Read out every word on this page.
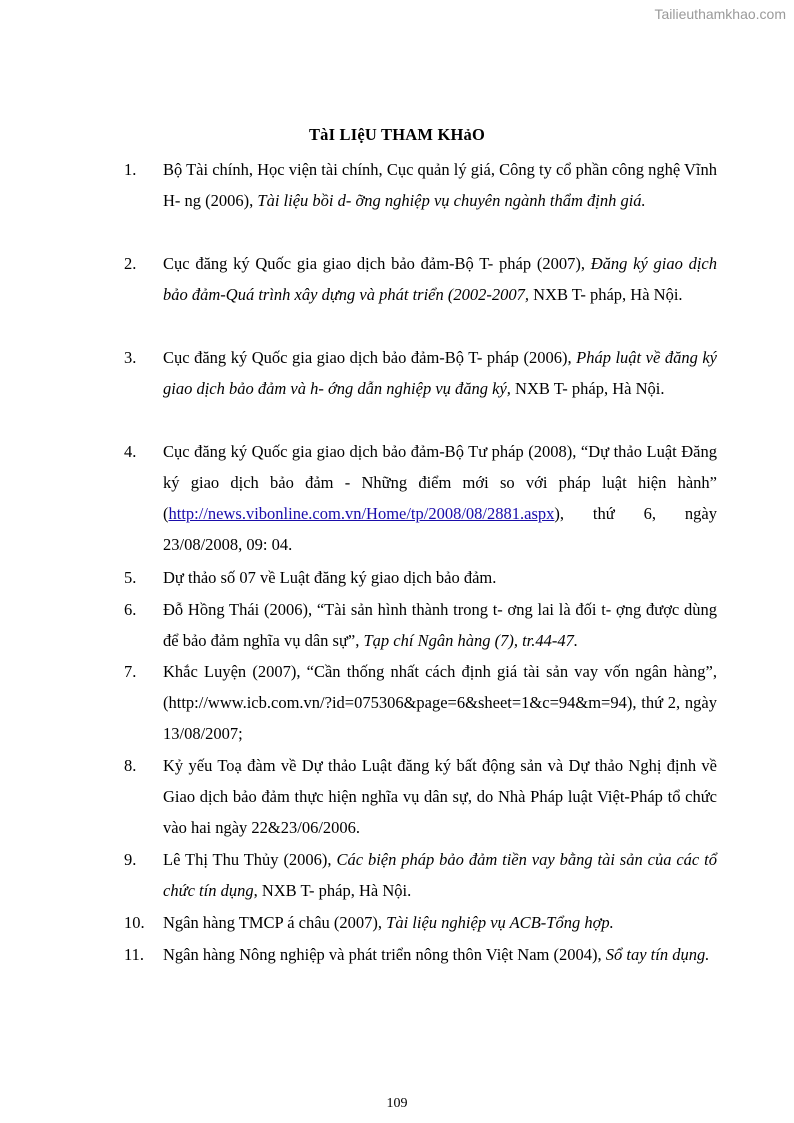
Tailieuthamkhao.com
TàI LIệU THAM KHảO
1.	Bộ Tài chính, Học viện tài chính, Cục quản lý giá, Công ty cổ phần công nghệ Vĩnh H- ng (2006), Tài liệu bồi d- ỡng nghiệp vụ chuyên ngành thẩm định giá.
2.	Cục đăng ký Quốc gia giao dịch bảo đảm-Bộ T- pháp (2007), Đăng ký giao dịch bảo đảm-Quá trình xây dựng và phát triển (2002-2007, NXB T- pháp, Hà Nội.
3.	Cục đăng ký Quốc gia giao dịch bảo đảm-Bộ T- pháp (2006), Pháp luật về đăng ký giao dịch bảo đảm và h- ớng dẫn nghiệp vụ đăng ký, NXB T- pháp, Hà Nội.
4.	Cục đăng ký Quốc gia giao dịch bảo đảm-Bộ Tư pháp (2008), “Dự thảo Luật Đăng ký giao dịch bảo đảm - Những điểm mới so với pháp luật hiện hành” (http://news.vibonline.com.vn/Home/tp/2008/08/2881.aspx), thứ 6, ngày 23/08/2008, 09: 04.
5.	Dự thảo số 07 về Luật đăng ký giao dịch bảo đảm.
6.	Đỗ Hồng Thái (2006), “Tài sản hình thành trong t- ơng lai là đối t- ợng được dùng để bảo đảm nghĩa vụ dân sự”, Tạp chí Ngân hàng (7), tr.44-47.
7.	Khắc Luyện (2007), “Cần thống nhất cách định giá tài sản vay vốn ngân hàng”,(http://www.icb.com.vn/?id=075306&page=6&sheet=1&c=94&m=94), thứ 2, ngày 13/08/2007;
8.	Kỷ yếu Toạ đàm về Dự thảo Luật đăng ký bất động sản và Dự thảo Nghị định về Giao dịch bảo đảm thực hiện nghĩa vụ dân sự, do Nhà Pháp luật Việt-Pháp tổ chức vào hai ngày 22&23/06/2006.
9.	Lê Thị Thu Thủy (2006), Các biện pháp bảo đảm tiền vay bằng tài sản của các tổ chức tín dụng, NXB T- pháp, Hà Nội.
10.	Ngân hàng TMCP á châu (2007), Tài liệu nghiệp vụ ACB-Tổng hợp.
11.	Ngân hàng Nông nghiệp và phát triển nông thôn Việt Nam (2004), Sổ tay tín dụng.
109
